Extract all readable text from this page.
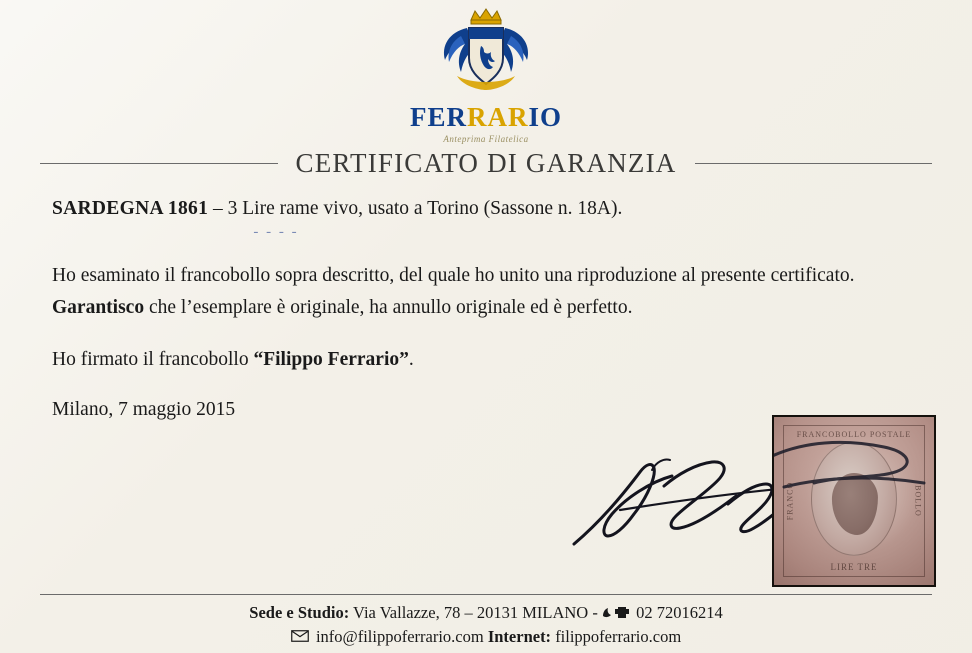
FERRARIO
Anteprima Filatelica
CERTIFICATO DI GARANZIA
SARDEGNA 1861 – 3 Lire rame vivo, usato a Torino (Sassone n. 18A).
- - - -
Ho esaminato il francobollo sopra descritto, del quale ho unito una riproduzione al presente certificato.
Garantisco che l’esemplare è originale, ha annullo originale ed è perfetto.
Ho firmato il francobollo “Filippo Ferrario”.
Milano, 7 maggio 2015
FRANCOBOLLO POSTALE
LIRE TRE
FRANCO	BOLLO
Sede e Studio: Via Vallazze, 78 – 20131 MILANO -  02 72016214
info@filippoferrario.com Internet: filippoferrario.com
